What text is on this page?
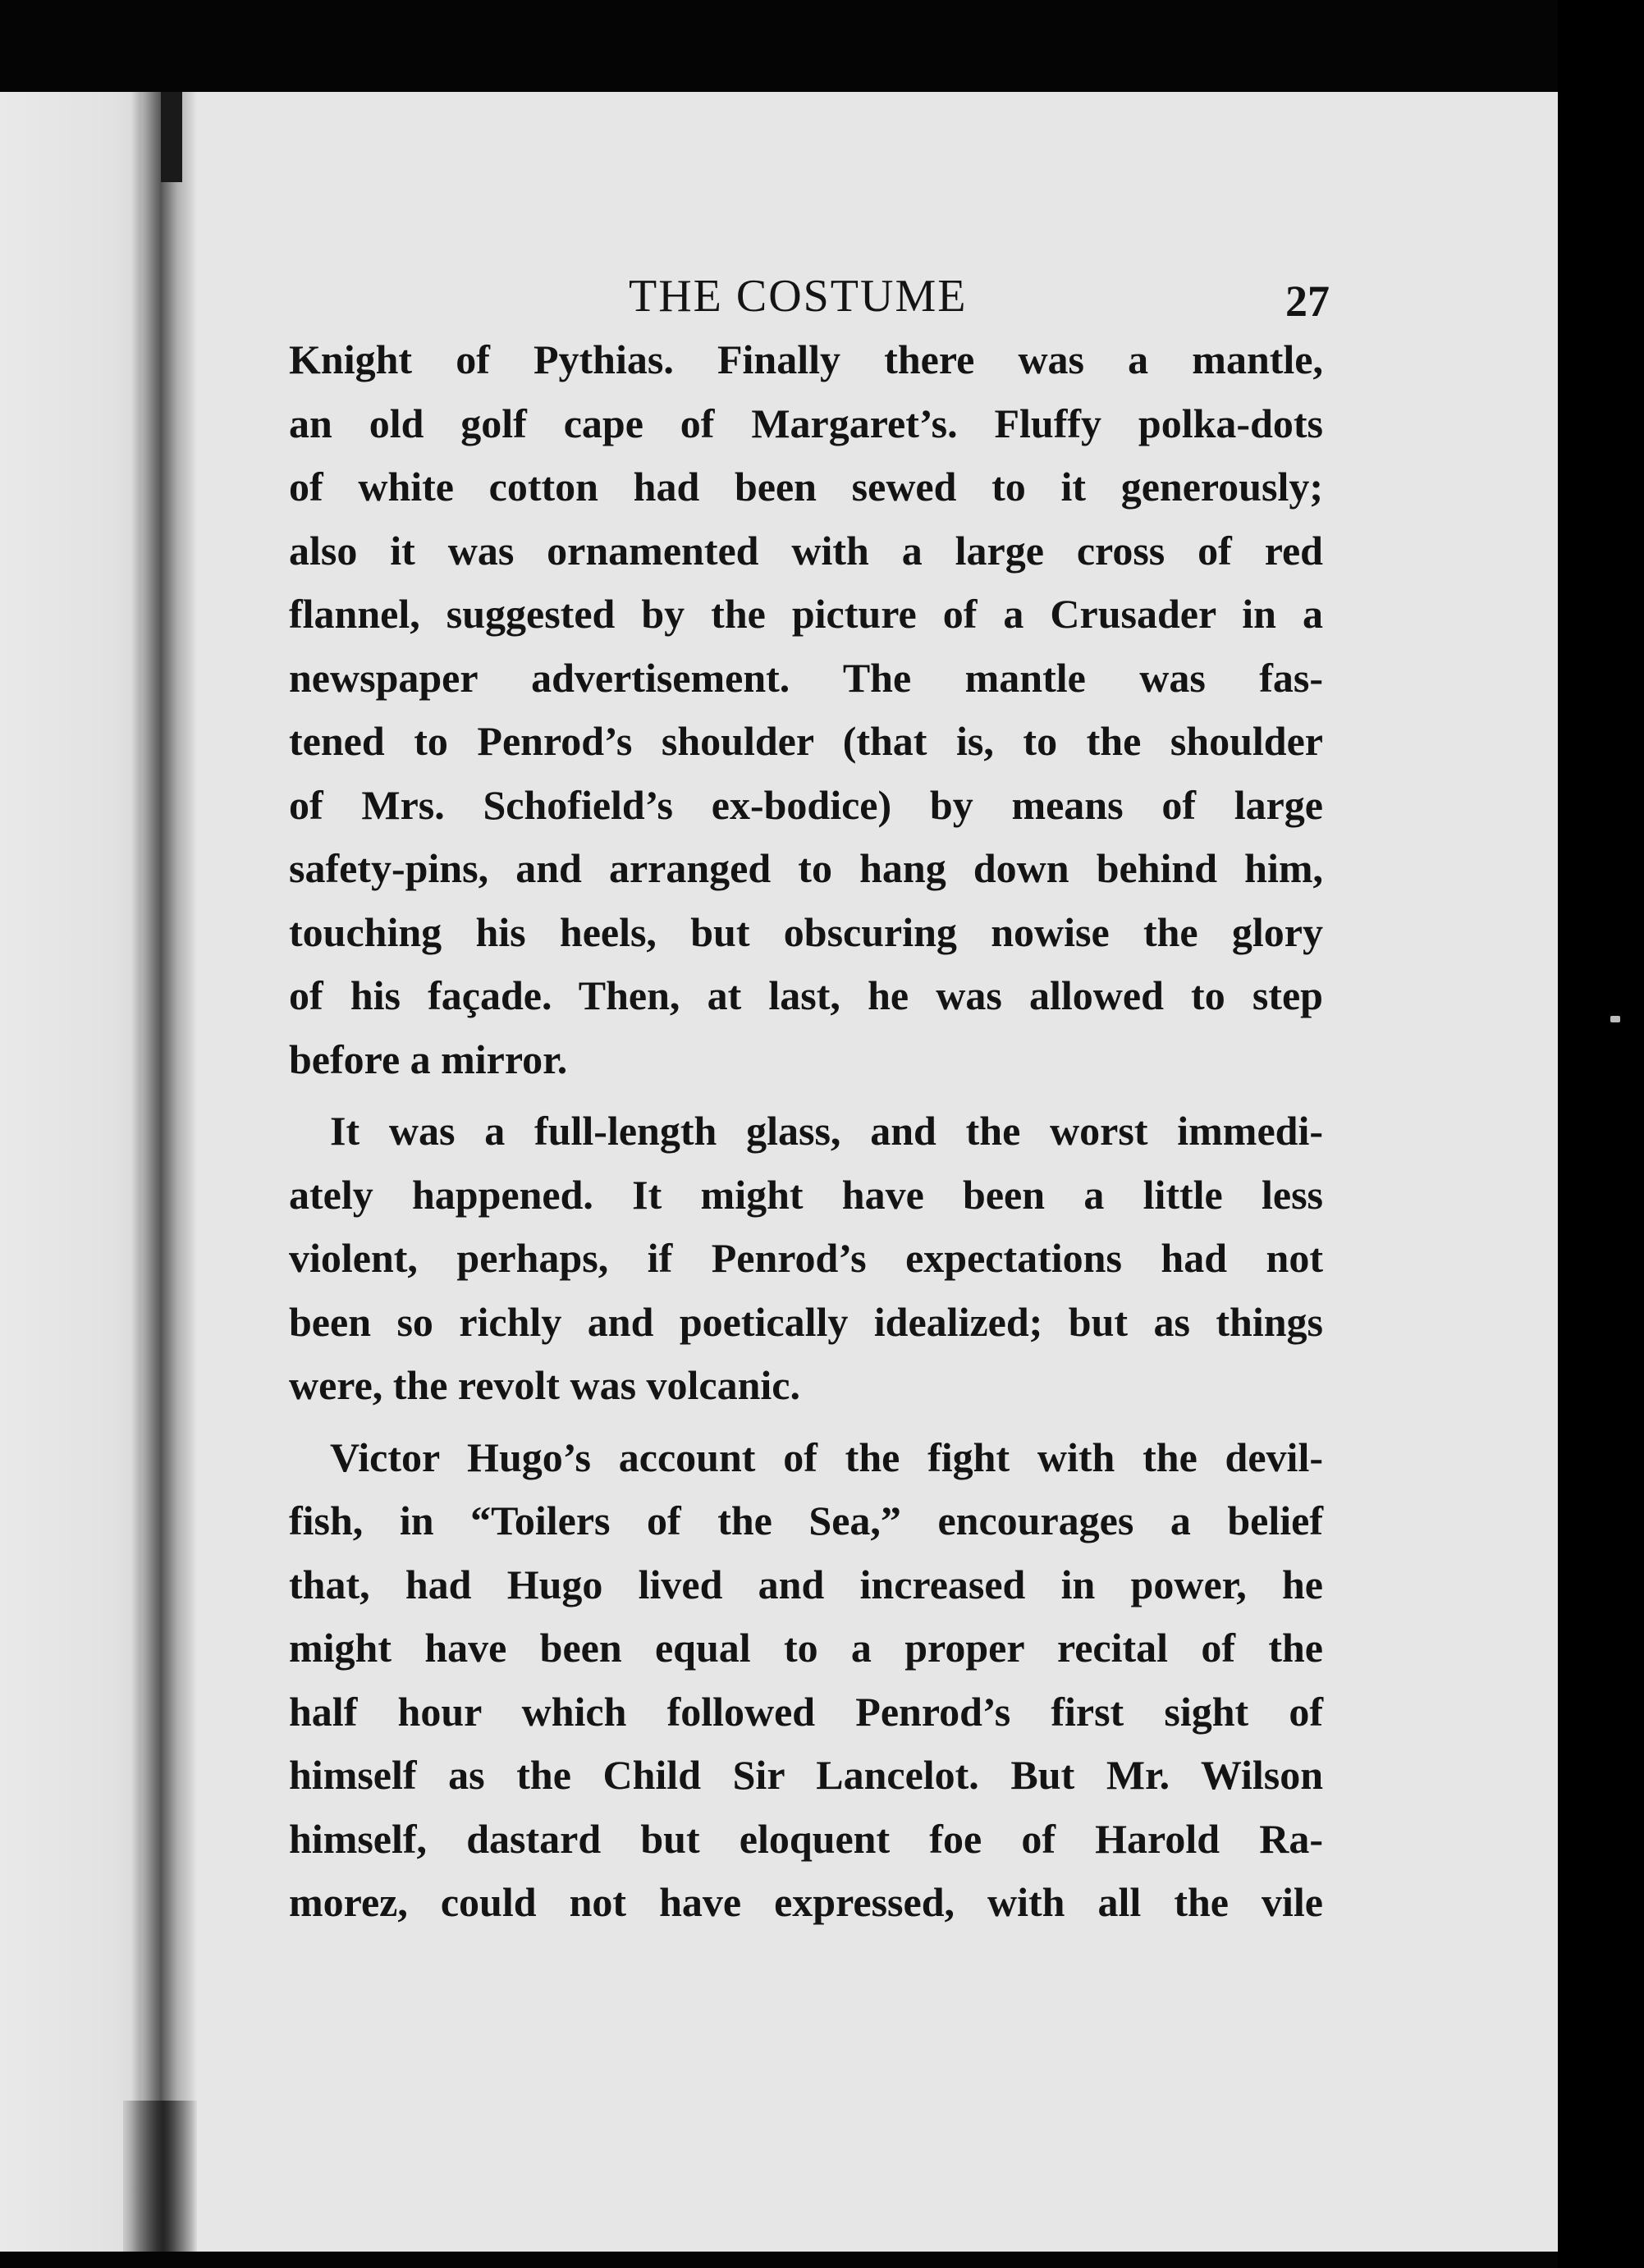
THE COSTUME	27

Knight of Pythias. Finally there was a mantle,
an old golf cape of Margaret’s. Fluffy polka-dots
of white cotton had been sewed to it generously;
also it was ornamented with a large cross of red
flannel, suggested by the picture of a Crusader in a
newspaper advertisement. The mantle was fas-
tened to Penrod’s shoulder (that is, to the shoulder
of Mrs. Schofield’s ex-bodice) by means of large
safety-pins, and arranged to hang down behind him,
touching his heels, but obscuring nowise the glory
of his façade. Then, at last, he was allowed to step
before a mirror.

It was a full-length glass, and the worst immedi-
ately happened. It might have been a little less
violent, perhaps, if Penrod’s expectations had not
been so richly and poetically idealized; but as things
were, the revolt was volcanic.

Victor Hugo’s account of the fight with the devil-
fish, in “Toilers of the Sea,” encourages a belief
that, had Hugo lived and increased in power, he
might have been equal to a proper recital of the
half hour which followed Penrod’s first sight of
himself as the Child Sir Lancelot. But Mr. Wilson
himself, dastard but eloquent foe of Harold Ra-
morez, could not have expressed, with all the vile
